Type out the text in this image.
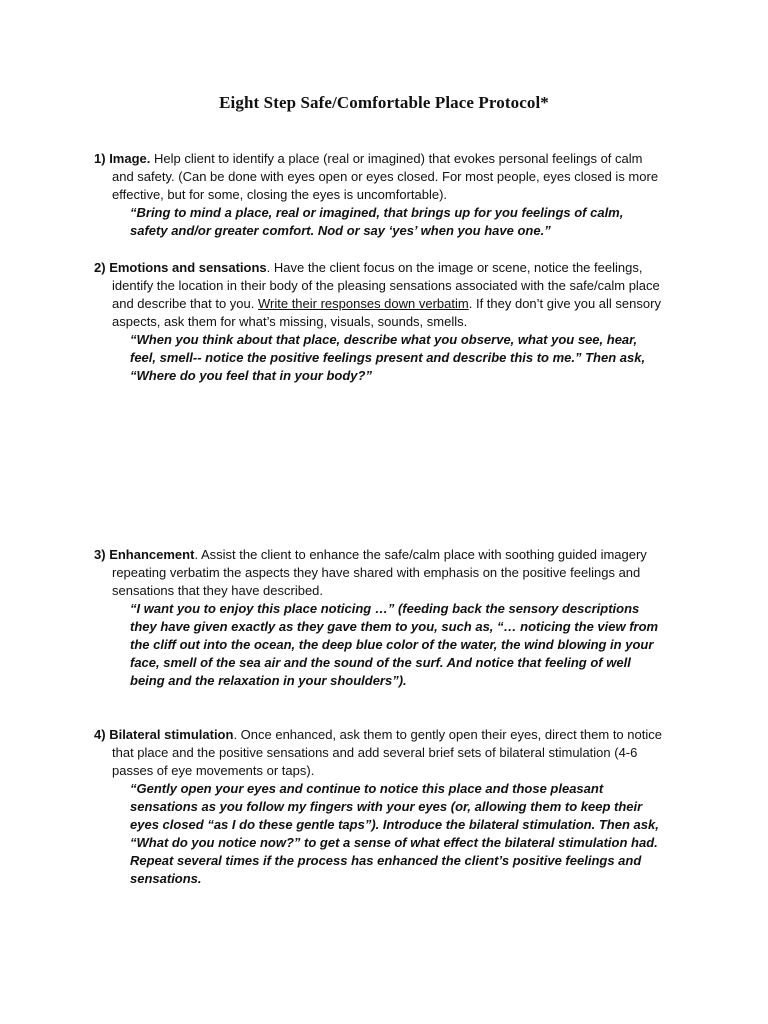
Eight Step Safe/Comfortable Place Protocol*

1) Image. Help client to identify a place (real or imagined) that evokes personal feelings of calm and safety. (Can be done with eyes open or eyes closed. For most people, eyes closed is more effective, but for some, closing the eyes is uncomfortable).

“Bring to mind a place, real or imagined, that brings up for you feelings of calm, safety and/or greater comfort. Nod or say ‘yes’ when you have one.”

2) Emotions and sensations. Have the client focus on the image or scene, notice the feelings, identify the location in their body of the pleasing sensations associated with the safe/calm place and describe that to you. Write their responses down verbatim. If they don’t give you all sensory aspects, ask them for what’s missing, visuals, sounds, smells.

“When you think about that place, describe what you observe, what you see, hear, feel, smell-- notice the positive feelings present and describe this to me.” Then ask, “Where do you feel that in your body?”

3) Enhancement. Assist the client to enhance the safe/calm place with soothing guided imagery repeating verbatim the aspects they have shared with emphasis on the positive feelings and sensations that they have described.

“I want you to enjoy this place noticing …” (feeding back the sensory descriptions they have given exactly as they gave them to you, such as, “… noticing the view from the cliff out into the ocean, the deep blue color of the water, the wind blowing in your face, smell of the sea air and the sound of the surf. And notice that feeling of well being and the relaxation in your shoulders”).

4) Bilateral stimulation. Once enhanced, ask them to gently open their eyes, direct them to notice that place and the positive sensations and add several brief sets of bilateral stimulation (4-6 passes of eye movements or taps).

“Gently open your eyes and continue to notice this place and those pleasant sensations as you follow my fingers with your eyes (or, allowing them to keep their eyes closed “as I do these gentle taps”). Introduce the bilateral stimulation. Then ask, “What do you notice now?” to get a sense of what effect the bilateral stimulation had. Repeat several times if the process has enhanced the client’s positive feelings and sensations.
